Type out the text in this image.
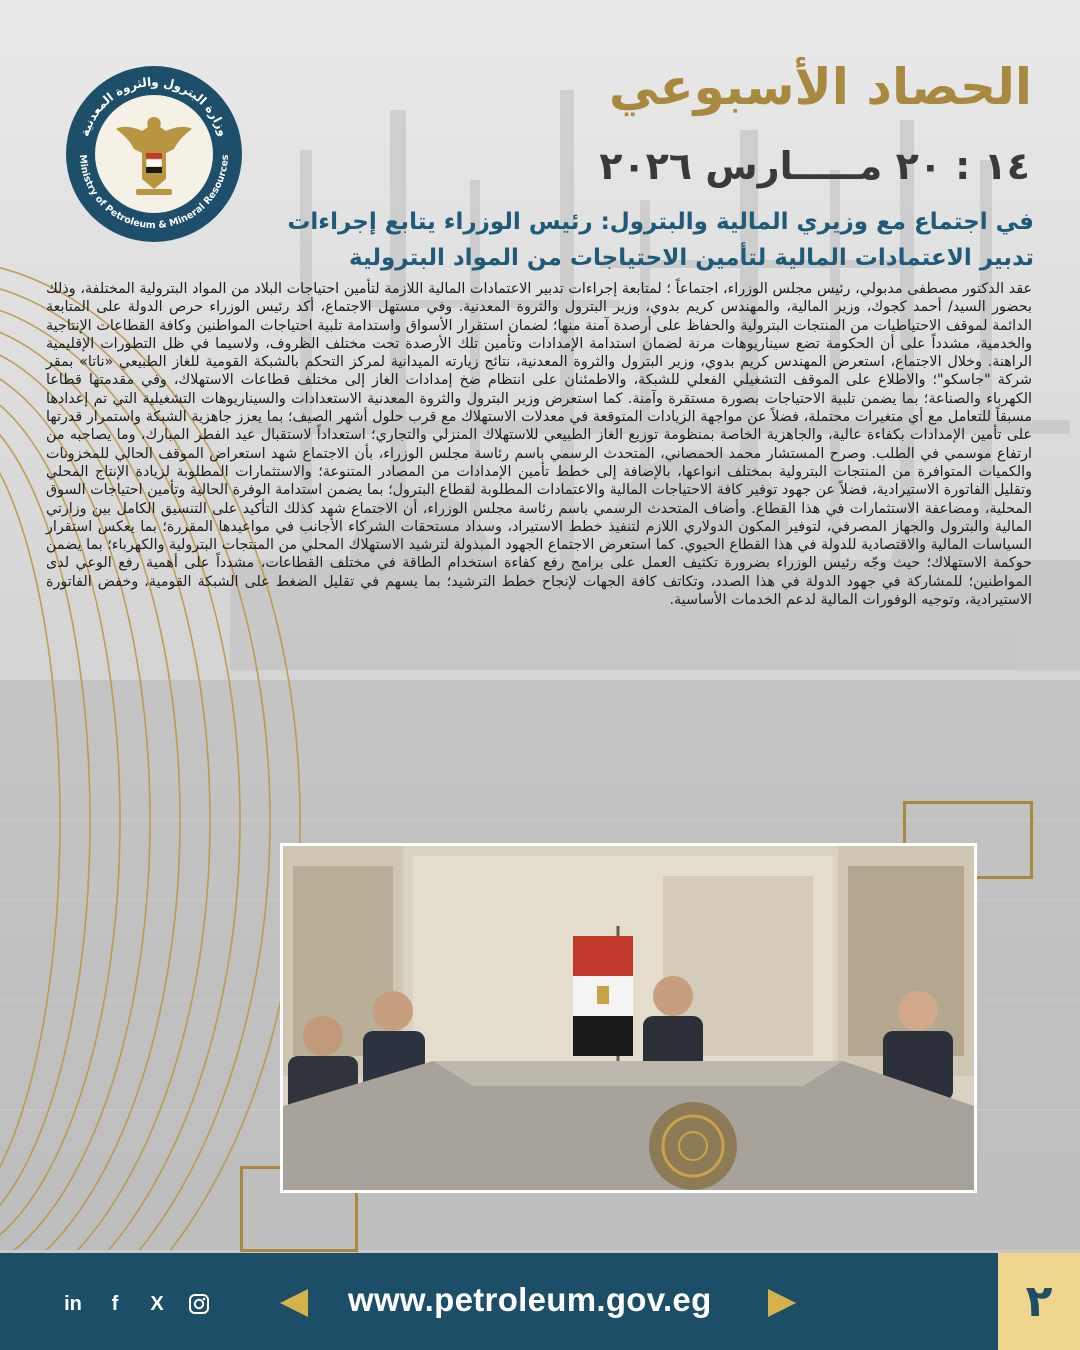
وزارة البترول والثروة المعدنية
Ministry of Petroleum & Mineral Resources
الحصاد الأسبوعي
١٤ : ٢٠ مـــــارس ٢٠٢٦
في اجتماع مع وزيري المالية والبترول: رئيس الوزراء يتابع إجراءات تدبير الاعتمادات المالية لتأمين الاحتياجات من المواد البترولية

عقد الدكتور مصطفى مدبولي، رئيس مجلس الوزراء، اجتماعاً ؛ لمتابعة إجراءات تدبير الاعتمادات المالية اللازمة لتأمين احتياجات البلاد من المواد البترولية المختلفة، وذلك بحضور السيد/ أحمد كجوك، وزير المالية، والمهندس كريم بدوي، وزير البترول والثروة المعدنية. وفي مستهل الاجتماع، أكد رئيس الوزراء حرص الدولة على المتابعة الدائمة لموقف الاحتياطيات من المنتجات البترولية والحفاظ على أرصدة آمنة منها؛ لضمان استقرار الأسواق واستدامة تلبية احتياجات المواطنين وكافة القطاعات الإنتاجية والخدمية، مشدداً على أن الحكومة تضع سيناريوهات مرنة لضمان استدامة الإمدادات وتأمين تلك الأرصدة تحت مختلف الظروف، ولاسيما في ظل التطورات الإقليمية الراهنة. وخلال الاجتماع، استعرض المهندس كريم بدوي، وزير البترول والثروة المعدنية، نتائج زيارته الميدانية لمركز التحكم بالشبكة القومية للغاز الطبيعي «ناتا» بمقر شركة "جاسكو"؛ والاطلاع على الموقف التشغيلي الفعلي للشبكة، والاطمئنان على انتظام ضخ إمدادات الغاز إلى مختلف قطاعات الاستهلاك، وفي مقدمتها قطاعا الكهرباء والصناعة؛ بما يضمن تلبية الاحتياجات بصورة مستقرة وآمنة. كما استعرض وزير البترول والثروة المعدنية الاستعدادات والسيناريوهات التشغيلية التي تم إعدادها مسبقاً للتعامل مع أي متغيرات محتملة، فضلاً عن مواجهة الزيادات المتوقعة في معدلات الاستهلاك مع قرب حلول أشهر الصيف؛ بما يعزز جاهزية الشبكة واستمرار قدرتها على تأمين الإمدادات بكفاءة عالية، والجاهزية الخاصة بمنظومة توزيع الغاز الطبيعي للاستهلاك المنزلي والتجاري؛ استعداداً لاستقبال عيد الفطر المبارك، وما يصاحبه من ارتفاع موسمي في الطلب. وصرح المستشار محمد الحمصاني، المتحدث الرسمي باسم رئاسة مجلس الوزراء، بأن الاجتماع شهد استعراض الموقف الحالي للمخزونات والكميات المتوافرة من المنتجات البترولية بمختلف انواعها، بالإضافة إلى خطط تأمين الإمدادات من المصادر المتنوعة؛ والاستثمارات المطلوبة لزيادة الإنتاج المحلي وتقليل الفاتورة الاستيرادية، فضلاً عن جهود توفير كافة الاحتياجات المالية والاعتمادات المطلوبة لقطاع البترول؛ بما يضمن استدامة الوفرة الحالية وتأمين احتياجات السوق المحلية، ومضاعفة الاستثمارات في هذا القطاع. وأضاف المتحدث الرسمي باسم رئاسة مجلس الوزراء، أن الاجتماع شهد كذلك التأكيد على التنسيق الكامل بين وزارتي المالية والبترول والجهاز المصرفي، لتوفير المكون الدولاري اللازم لتنفيذ خطط الاستيراد، وسداد مستحقات الشركاء الأجانب في مواعيدها المقررة؛ بما يعكس استقرار السياسات المالية والاقتصادية للدولة في هذا القطاع الحيوي. كما استعرض الاجتماع الجهود المبذولة لترشيد الاستهلاك المحلي من المنتجات البترولية والكهرباء؛ بما يضمن حوكمة الاستهلاك؛ حيث وجّه رئيس الوزراء بضرورة تكثيف العمل على برامج رفع كفاءة استخدام الطاقة في مختلف القطاعات، مشدداً على أهمية رفع الوعي لدى المواطنين؛ للمشاركة في جهود الدولة في هذا الصدد، وتكاتف كافة الجهات لإنجاح خطط الترشيد؛ بما يسهم في تقليل الضغط على الشبكة القومية، وخفض الفاتورة الاستيرادية، وتوجيه الوفورات المالية لدعم الخدمات الأساسية.

in f X	www.petroleum.gov.eg	٢
